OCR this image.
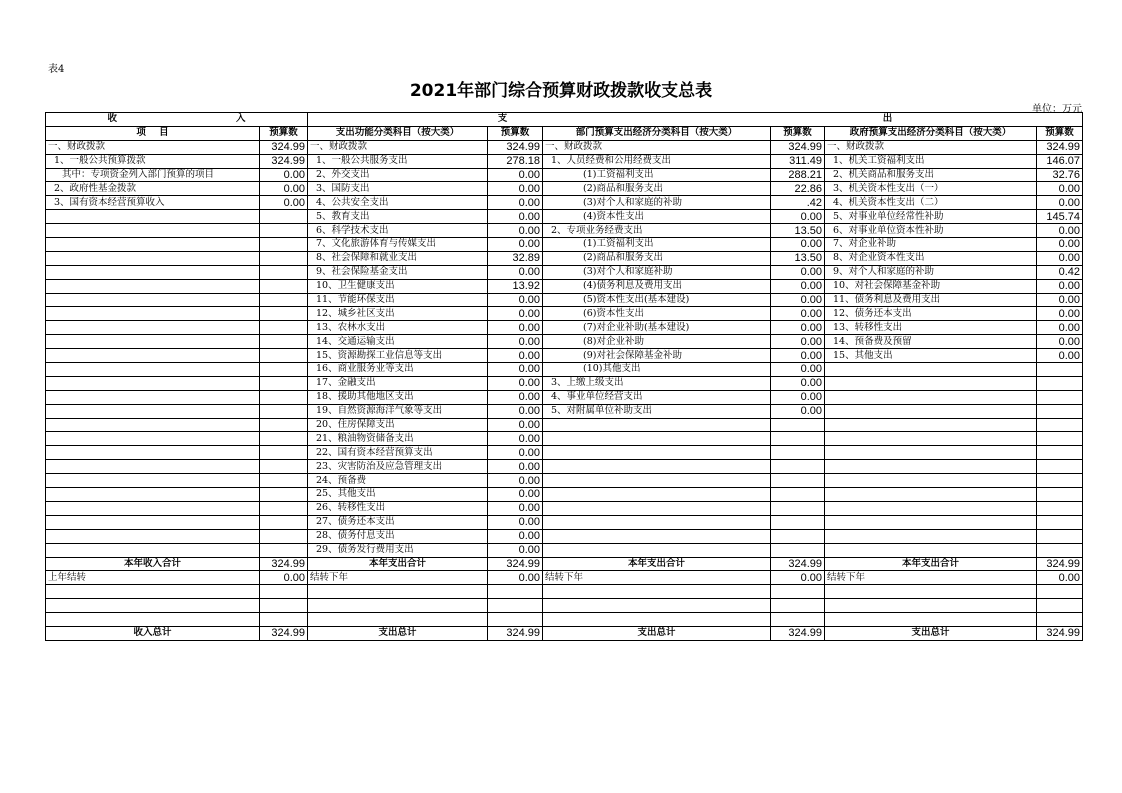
表4
2021年部门综合预算财政拨款收支总表
单位：万元
收 入		支 出					

项    目	预算数	支出功能分类科目（按大类）	预算数	部门预算支出经济分类科目（按大类）	预算数	政府预算支出经济分类科目（按大类）	预算数
一、财政拨款	324.99	一、财政拨款	324.99	一、财政拨款	324.99	一、财政拨款	324.99
1、一般公共预算拨款	324.99	1、一般公共服务支出	278.18	1、人员经费和公用经费支出	311.49	1、机关工资福利支出	146.07
其中：专项资金列入部门预算的项目	0.00	2、外交支出	0.00	(1)工资福利支出	288.21	2、机关商品和服务支出	32.76
2、政府性基金拨款	0.00	3、国防支出	0.00	(2)商品和服务支出	22.86	3、机关资本性支出（一）	0.00
3、国有资本经营预算收入	0.00	4、公共安全支出	0.00	(3)对个人和家庭的补助	.42	4、机关资本性支出（二）	0.00
		5、教育支出	0.00	(4)资本性支出	0.00	5、对事业单位经常性补助	145.74
		6、科学技术支出	0.00	2、专项业务经费支出	13.50	6、对事业单位资本性补助	0.00
		7、文化旅游体育与传媒支出	0.00	(1)工资福利支出	0.00	7、对企业补助	0.00
		8、社会保障和就业支出	32.89	(2)商品和服务支出	13.50	8、对企业资本性支出	0.00
		9、社会保险基金支出	0.00	(3)对个人和家庭补助	0.00	9、对个人和家庭的补助	0.42
		10、卫生健康支出	13.92	(4)债务利息及费用支出	0.00	10、对社会保障基金补助	0.00
		11、节能环保支出	0.00	(5)资本性支出(基本建设)	0.00	11、债务利息及费用支出	0.00
		12、城乡社区支出	0.00	(6)资本性支出	0.00	12、债务还本支出	0.00
		13、农林水支出	0.00	(7)对企业补助(基本建设)	0.00	13、转移性支出	0.00
		14、交通运输支出	0.00	(8)对企业补助	0.00	14、预备费及预留	0.00
		15、资源勘探工业信息等支出	0.00	(9)对社会保障基金补助	0.00	15、其他支出	0.00
		16、商业服务业等支出	0.00	(10)其他支出	0.00		
		17、金融支出	0.00	3、上缴上级支出	0.00		
		18、援助其他地区支出	0.00	4、事业单位经营支出	0.00		
		19、自然资源海洋气象等支出	0.00	5、对附属单位补助支出	0.00		
		20、住房保障支出	0.00				
		21、粮油物资储备支出	0.00				
		22、国有资本经营预算支出	0.00				
		23、灾害防治及应急管理支出	0.00				
		24、预备费	0.00				
		25、其他支出	0.00				
		26、转移性支出	0.00				
		27、债务还本支出	0.00				
		28、债务付息支出	0.00				
		29、债务发行费用支出	0.00				
本年收入合计	324.99	本年支出合计	324.99	本年支出合计	324.99	本年支出合计	324.99
上年结转	0.00	结转下年	0.00	结转下年	0.00	结转下年	0.00

收入总计	324.99	支出总计	324.99	支出总计	324.99	支出总计	324.99
